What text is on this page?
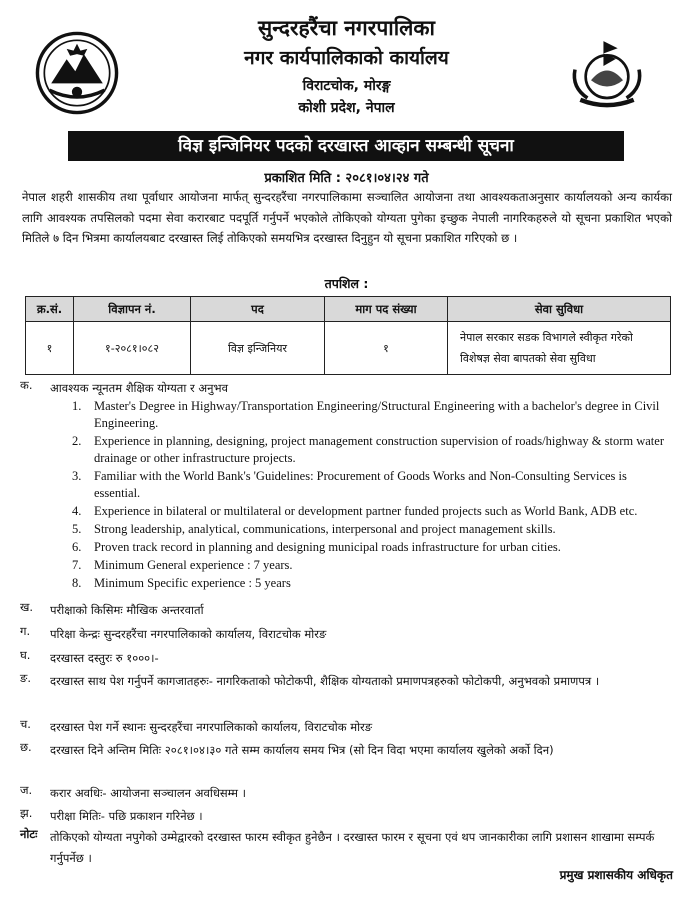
सुन्दरहरैंचा नगरपालिका
नगर कार्यपालिकाको कार्यालय
विराटचोक, मोरङ्ग
कोशी प्रदेश, नेपाल
विज्ञ इन्जिनियर पदको दरखास्त आव्हान सम्बन्धी सूचना
प्रकाशित मिति : २०८१।०४।२४ गते
नेपाल शहरी शासकीय तथा पूर्वाधार आयोजना मार्फत् सुन्दरहरैंचा नगरपालिकामा सञ्चालित आयोजना तथा आवश्यकताअनुसार कार्यालयको अन्य कार्यका लागि आवश्यक तपसिलको पदमा सेवा करारबाट पदपूर्ति गर्नुपर्ने भएकोले तोकिएको योग्यता पुगेका इच्छुक नेपाली नागरिकहरुले यो सूचना प्रकाशित भएको मितिले ७ दिन भित्रमा कार्यालयबाट दरखास्त लिई तोकिएको समयभित्र दरखास्त दिनुहुन यो सूचना प्रकाशित गरिएको छ ।
तपशिल :
क्र.सं.	विज्ञापन नं.	पद	माग पद संख्या	सेवा सुविधा
१	१-२०८१।०८२	विज्ञ इन्जिनियर	१	नेपाल सरकार सडक विभागले स्वीकृत गरेको विशेषज्ञ सेवा बापतको सेवा सुविधा
क.	आवश्यक न्यूनतम शैक्षिक योग्यता र अनुभव
1. Master's Degree in Highway/Transportation Engineering/Structural Engineering with a bachelor's degree in Civil Engineering.
2. Experience in planning, designing, project management construction supervision of roads/highway & storm water drainage or other infrastructure projects.
3. Familiar with the World Bank's 'Guidelines: Procurement of Goods Works and Non-Consulting Services is essential.
4. Experience in bilateral or multilateral or development partner funded projects such as World Bank, ADB etc.
5. Strong leadership, analytical, communications, interpersonal and project management skills.
6. Proven track record in planning and designing municipal roads infrastructure for urban cities.
7. Minimum General experience : 7 years.
8. Minimum Specific experience : 5 years
ख.	परीक्षाको किसिमः मौखिक अन्तरवार्ता
ग.	परिक्षा केन्द्रः सुन्दरहरैंचा नगरपालिकाको कार्यालय, विराटचोक मोरङ
घ.	दरखास्त दस्तुरः रु १०००।-
ङ.	दरखास्त साथ पेश गर्नुपर्ने कागजातहरुः- नागरिकताको फोटोकपी, शैक्षिक योग्यताको प्रमाणपत्रहरुको फोटोकपी, अनुभवको प्रमाणपत्र ।
च.	दरखास्त पेश गर्ने स्थानः सुन्दरहरैंचा नगरपालिकाको कार्यालय, विराटचोक मोरङ
छ.	दरखास्त दिने अन्तिम मितिः २०८१।०४।३० गते सम्म कार्यालय समय भित्र (सो दिन विदा भएमा कार्यालय खुलेको अर्को दिन)
ज.	करार अवधिः- आयोजना सञ्चालन अवधिसम्म ।
झ.	परीक्षा मितिः- पछि प्रकाशन गरिनेछ ।
नोटः	तोकिएको योग्यता नपुगेको उम्मेद्वारको दरखास्त फारम स्वीकृत हुनेछैन । दरखास्त फारम र सूचना एवं थप जानकारीका लागि प्रशासन शाखामा सम्पर्क गर्नुपर्नेछ ।
प्रमुख प्रशासकीय अधिकृत
